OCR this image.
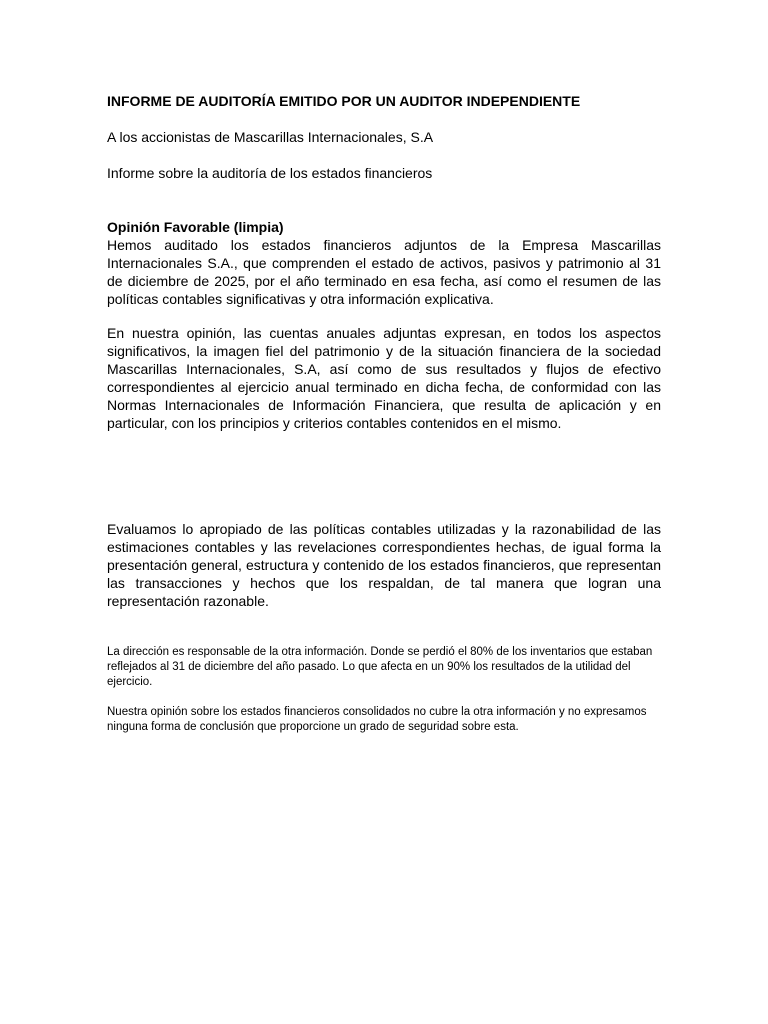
INFORME DE AUDITORÍA EMITIDO POR UN AUDITOR INDEPENDIENTE

A los accionistas de Mascarillas Internacionales, S.A

Informe sobre la auditoría de los estados financieros

Opinión Favorable (limpia)

Hemos auditado los estados financieros adjuntos de la Empresa Mascarillas Internacionales S.A., que comprenden el estado de activos, pasivos y patrimonio al 31 de diciembre de 2025, por el año terminado en esa fecha, así como el resumen de las políticas contables significativas y otra información explicativa.

En nuestra opinión, las cuentas anuales adjuntas expresan, en todos los aspectos significativos, la imagen fiel del patrimonio y de la situación financiera de la sociedad Mascarillas Internacionales, S.A, así como de sus resultados y flujos de efectivo correspondientes al ejercicio anual terminado en dicha fecha, de conformidad con las Normas Internacionales de Información Financiera, que resulta de aplicación y en particular, con los principios y criterios contables contenidos en el mismo.

Evaluamos lo apropiado de las políticas contables utilizadas y la razonabilidad de las estimaciones contables y las revelaciones correspondientes hechas, de igual forma la presentación general, estructura y contenido de los estados financieros, que representan las transacciones y hechos que los respaldan, de tal manera que logran una representación razonable.

La dirección es responsable de la otra información. Donde se perdió el 80% de los inventarios que estaban reflejados al 31 de diciembre del año pasado. Lo que afecta en un 90% los resultados de la utilidad del ejercicio.

Nuestra opinión sobre los estados financieros consolidados no cubre la otra información y no expresamos ninguna forma de conclusión que proporcione un grado de seguridad sobre esta.
